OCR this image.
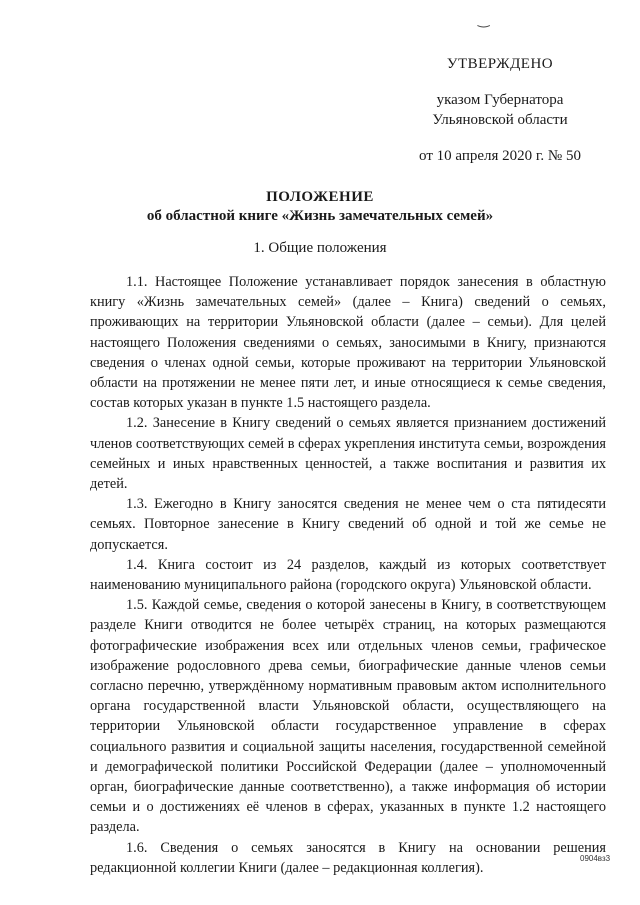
‿
УТВЕРЖДЕНО
указом Губернатора
Ульяновской области
от 10 апреля 2020 г. № 50
ПОЛОЖЕНИЕ
об областной книге «Жизнь замечательных семей»
1. Общие положения

1.1. Настоящее Положение устанавливает порядок занесения в областную книгу «Жизнь замечательных семей» (далее – Книга) сведений о семьях, проживающих на территории Ульяновской области (далее – семьи). Для целей настоящего Положения сведениями о семьях, заносимыми в Книгу, признаются сведения о членах одной семьи, которые проживают на территории Ульяновской области на протяжении не менее пяти лет, и иные относящиеся к семье сведения, состав которых указан в пункте 1.5 настоящего раздела.

1.2. Занесение в Книгу сведений о семьях является признанием достижений членов соответствующих семей в сферах укрепления института семьи, возрождения семейных и иных нравственных ценностей, а также воспитания и развития их детей.

1.3. Ежегодно в Книгу заносятся сведения не менее чем о ста пятидесяти семьях. Повторное занесение в Книгу сведений об одной и той же семье не допускается.

1.4. Книга состоит из 24 разделов, каждый из которых соответствует наименованию муниципального района (городского округа) Ульяновской области.

1.5. Каждой семье, сведения о которой занесены в Книгу, в соответствующем разделе Книги отводится не более четырёх страниц, на которых размещаются фотографические изображения всех или отдельных членов семьи, графическое изображение родословного древа семьи, биографические данные членов семьи согласно перечню, утверждённому нормативным правовым актом исполнительного органа государственной власти Ульяновской области, осуществляющего на территории Ульяновской области государственное управление в сферах социального развития и социальной защиты населения, государственной семейной и демографической политики Российской Федерации (далее – уполномоченный орган, биографические данные соответственно), а также информация об истории семьи и о достижениях её членов в сферах, указанных в пункте 1.2 настоящего раздела.

1.6. Сведения о семьях заносятся в Книгу на основании решения редакционной коллегии Книги (далее – редакционная коллегия).

0904вз3
